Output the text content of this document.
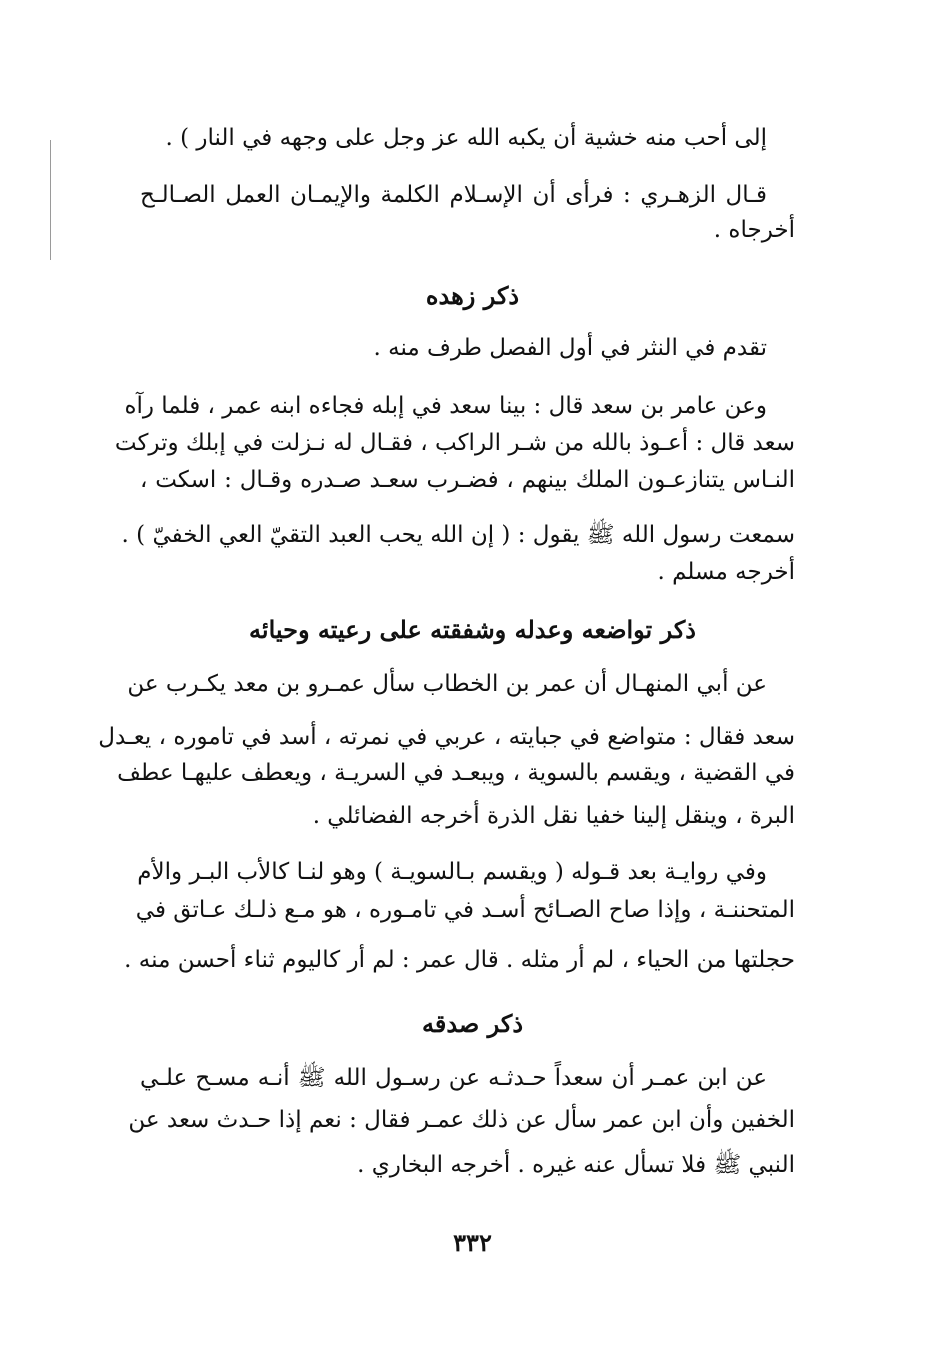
إلى أحب منه خشية أن يكبه الله عز وجل على وجهه في النار ) .
قـال الزهـري : فرأى أن الإسـلام الكلمة والإيمـان العمل الصـالـح
أخرجاه .
ذكر زهده
تقدم في النثر في أول الفصل طرف منه .
وعن عامر بن سعد قال : بينا سعد في إبله فجاءه ابنه عمر ، فلما رآه
سعد قال : أعـوذ بالله من شـر الراكب ، فقـال له نـزلت في إبلك وتركت
النـاس يتنازعـون الملك بينهم ، فضـرب سعـد صـدره وقـال : اسكت ،
سمعت رسول الله ﷺ يقول : ( إن الله يحب العبد التقيّ العي الخفيّ ) .
أخرجه مسلم .
ذكر تواضعه وعدله وشفقته على رعيته وحيائه
عن أبي المنهـال أن عمر بن الخطاب سأل عمـرو بن معد يكـرب عن
سعد فقال : متواضع في جبايته ، عربي في نمرته ، أسد في تاموره ، يعـدل
في القضية ، ويقسم بالسوية ، ويبعـد في السريـة ، ويعطف عليهـا عطف
البرة ، وينقل إلينا خفيا نقل الذرة أخرجه الفضائلي .
وفي روايـة بعد قـوله ( ويقسم بـالسويـة ) وهو لنـا كالأب البـر والأم
المتحننـة ، وإذا صاح الصـائح أسـد في تامـوره ، هو مـع ذلـك عـاتق في
حجلتها من الحياء ، لم أر مثله . قال عمر : لم أر كاليوم ثناء أحسن منه .
ذكر صدقه
عن ابن عمـر أن سعداً حـدثـه عن رسـول الله ﷺ أنـه مسـح علـي
الخفين وأن ابن عمر سأل عن ذلك عمـر فقال : نعم إذا حـدث سعد عن
النبي ﷺ فلا تسأل عنه غيره . أخرجه البخاري .
٣٣٢
